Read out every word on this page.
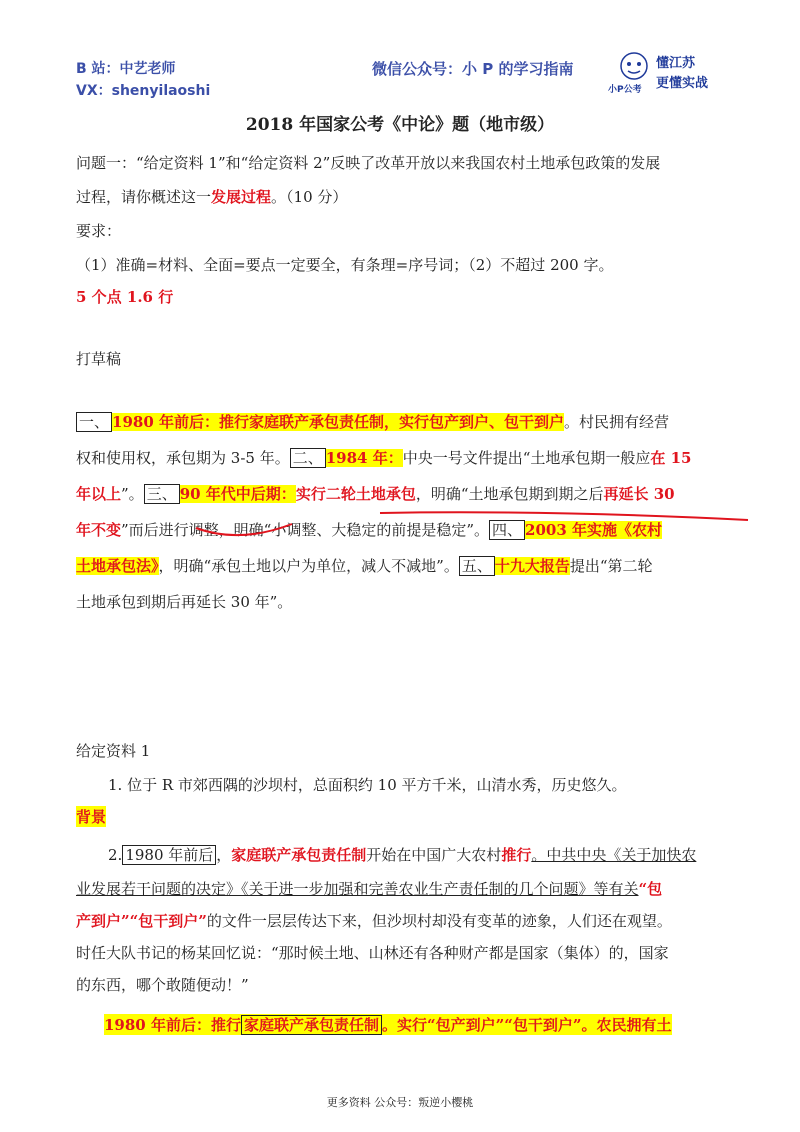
B 站：中艺老师
VX：shenyilaoshi
微信公众号：小 P 的学习指南
小P公考
懂江苏
更懂实战
2018 年国家公考《中论》题（地市级）
问题一：“给定资料 1”和“给定资料 2”反映了改革开放以来我国农村土地承包政策的发展
过程，请你概述这一发展过程。（10 分）
要求：
（1）准确=材料、全面=要点一定要全，有条理=序号词；（2）不超过 200 字。
5 个点 1.6 行
打草稿
一、 1980 年前后：推行家庭联产承包责任制，实行包产到户、包干到户。村民拥有经营
权和使用权，承包期为 3-5 年。 二、 1984 年：中央一号文件提出“土地承包期一般应在 15
年以上”。 三、 90 年代中后期：实行二轮土地承包，明确“土地承包期到期之后再延长 30
年不变”而后进行调整，明确“小调整、大稳定的前提是稳定”。 四、 2003 年实施《农村
土地承包法》，明确“承包土地以户为单位，减人不减地”。 五、 十九大报告提出“第二轮
土地承包到期后再延长 30 年”。
给定资料 1
1. 位于 R 市郊西隅的沙坝村，总面积约 10 平方千米，山清水秀，历史悠久。
背景
2. 1980 年前后 ，家庭联产承包责任制开始在中国广大农村推行。中共中央《关于加快农
业发展若干问题的决定》《关于进一步加强和完善农业生产责任制的几个问题》等有关“包
产到户”“包干到户”的文件一层层传达下来，但沙坝村却没有变革的迹象，人们还在观望。
时任大队书记的杨某回忆说：“那时候土地、山林还有各种财产都是国家（集体）的，国家
的东西，哪个敢随便动！”
1980 年前后：推行 家庭联产承包责任制 。实行“包产到户”“包干到户”。农民拥有土
更多资料 公众号：叛逆小樱桃
